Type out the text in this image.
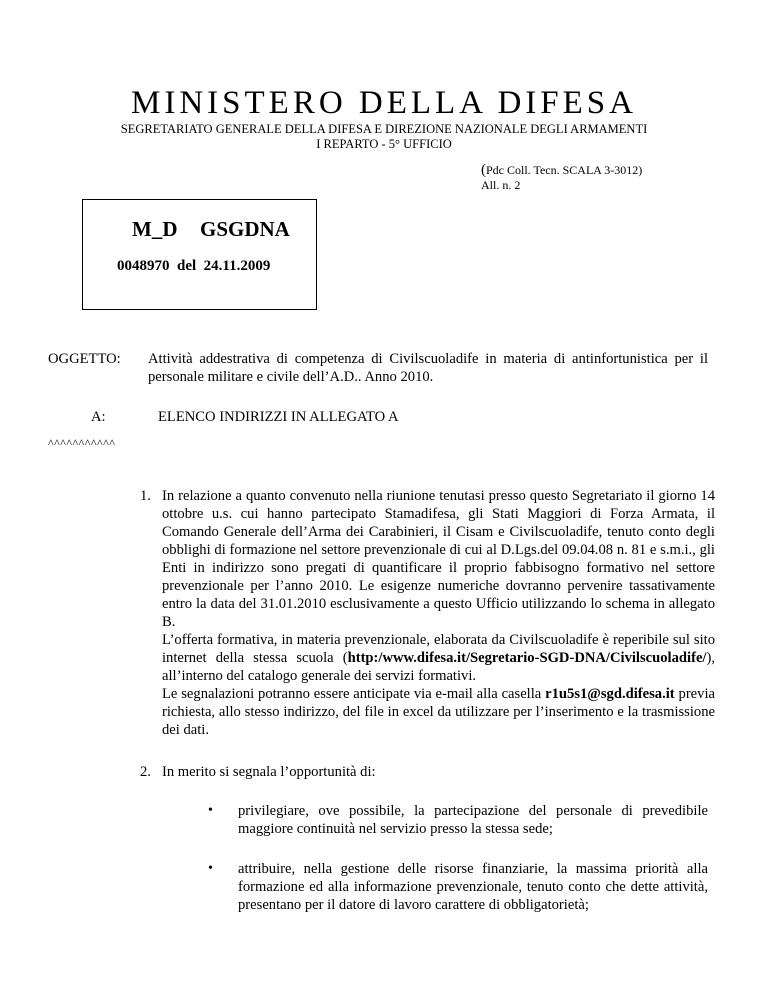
MINISTERO DELLA DIFESA
SEGRETARIATO GENERALE DELLA DIFESA E DIREZIONE NAZIONALE DEGLI ARMAMENTI
I REPARTO - 5° UFFICIO
(Pdc Coll. Tecn. SCALA 3-3012)
All. n. 2
M_D GSGDNA
0048970  del  24.11.2009
OGGETTO: Attività addestrativa di competenza di Civilscuoladife in materia di antinfortunistica per il personale militare e civile dell’A.D.. Anno 2010.
A:	ELENCO INDIRIZZI IN ALLEGATO A
^^^^^^^^^^^
1. In relazione a quanto convenuto nella riunione tenutasi presso questo Segretariato il giorno 14 ottobre u.s. cui hanno partecipato Stamadifesa, gli Stati Maggiori di Forza Armata, il Comando Generale dell’Arma dei Carabinieri, il Cisam e Civilscuoladife, tenuto conto degli obblighi di formazione nel settore prevenzionale di cui al D.Lgs.del 09.04.08 n. 81 e s.m.i., gli Enti in indirizzo sono pregati di quantificare il proprio fabbisogno formativo nel settore prevenzionale per l’anno 2010. Le esigenze numeriche dovranno pervenire tassativamente entro la data del 31.01.2010 esclusivamente a questo Ufficio utilizzando lo schema in allegato B.

L’offerta formativa, in materia prevenzionale, elaborata da Civilscuoladife è reperibile sul sito internet della stessa scuola (http:/www.difesa.it/Segretario-SGD-DNA/Civilscuoladife/), all’interno del catalogo generale dei servizi formativi.

Le segnalazioni potranno essere anticipate via e-mail alla casella r1u5s1@sgd.difesa.it previa richiesta, allo stesso indirizzo, del file in excel da utilizzare per l’inserimento e la trasmissione dei dati.

2. In merito si segnala l’opportunità di:
• privilegiare, ove possibile, la partecipazione del personale di prevedibile maggiore continuità nel servizio presso la stessa sede;
• attribuire, nella gestione delle risorse finanziarie, la massima priorità alla formazione ed alla informazione prevenzionale, tenuto conto che dette attività, presentano per il datore di lavoro carattere di obbligatorietà;
